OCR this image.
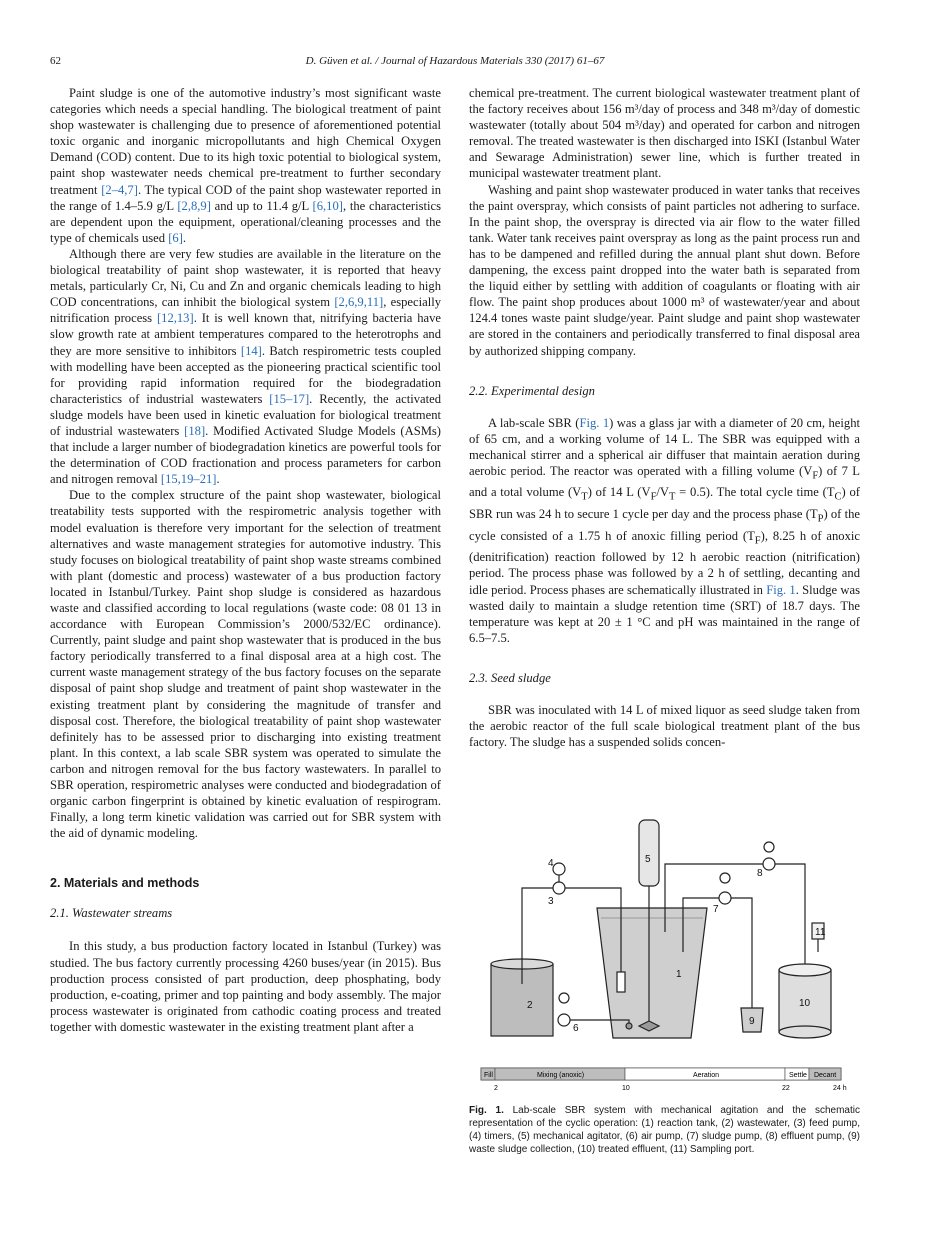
62	D. Güven et al. / Journal of Hazardous Materials 330 (2017) 61–67

Paint sludge is one of the automotive industry’s most significant waste categories which needs a special handling. The biological treatment of paint shop wastewater is challenging due to presence of aforementioned potential toxic organic and inorganic micropollutants and high Chemical Oxygen Demand (COD) content. Due to its high toxic potential to biological system, paint shop wastewater needs chemical pre-treatment to further secondary treatment [2–4,7]. The typical COD of the paint shop wastewater reported in the range of 1.4–5.9 g/L [2,8,9] and up to 11.4 g/L [6,10], the characteristics are dependent upon the equipment, operational/cleaning processes and the type of chemicals used [6].

Although there are very few studies are available in the literature on the biological treatability of paint shop wastewater, it is reported that heavy metals, particularly Cr, Ni, Cu and Zn and organic chemicals leading to high COD concentrations, can inhibit the biological system [2,6,9,11], especially nitrification process [12,13]. It is well known that, nitrifying bacteria have slow growth rate at ambient temperatures compared to the heterotrophs and they are more sensitive to inhibitors [14]. Batch respirometric tests coupled with modelling have been accepted as the pioneering practical scientific tool for providing rapid information required for the biodegradation characteristics of industrial wastewaters [15–17]. Recently, the activated sludge models have been used in kinetic evaluation for biological treatment of industrial wastewaters [18]. Modified Activated Sludge Models (ASMs) that include a larger number of biodegradation kinetics are powerful tools for the determination of COD fractionation and process parameters for carbon and nitrogen removal [15,19–21].

Due to the complex structure of the paint shop wastewater, biological treatability tests supported with the respirometric analysis together with model evaluation is therefore very important for the selection of treatment alternatives and waste management strategies for automotive industry. This study focuses on biological treatability of paint shop waste streams combined with plant (domestic and process) wastewater of a bus production factory located in Istanbul/Turkey. Paint shop sludge is considered as hazardous waste and classified according to local regulations (waste code: 08 01 13 in accordance with European Commission’s 2000/532/EC ordinance). Currently, paint sludge and paint shop wastewater that is produced in the bus factory periodically transferred to a final disposal area at a high cost. The current waste management strategy of the bus factory focuses on the separate disposal of paint shop sludge and treatment of paint shop wastewater in the existing treatment plant by considering the magnitude of transfer and disposal cost. Therefore, the biological treatability of paint shop wastewater definitely has to be assessed prior to discharging into existing treatment plant. In this context, a lab scale SBR system was operated to simulate the carbon and nitrogen removal for the bus factory wastewaters. In parallel to SBR operation, respirometric analyses were conducted and biodegradation of organic carbon fingerprint is obtained by kinetic evaluation of respirogram. Finally, a long term kinetic validation was carried out for SBR system with the aid of dynamic modeling.

2. Materials and methods
2.1. Wastewater streams

In this study, a bus production factory located in Istanbul (Turkey) was studied. The bus factory currently processing 4260 buses/year (in 2015). Bus production process consisted of part production, deep phosphating, body production, e-coating, primer and top painting and body assembly. The major process wastewater is originated from cathodic coating process and treated together with domestic wastewater in the existing treatment plant after a

chemical pre-treatment. The current biological wastewater treatment plant of the factory receives about 156 m³/day of process and 348 m³/day of domestic wastewater (totally about 504 m³/day) and operated for carbon and nitrogen removal. The treated wastewater is then discharged into ISKI (Istanbul Water and Sewarage Administration) sewer line, which is further treated in municipal wastewater treatment plant.

Washing and paint shop wastewater produced in water tanks that receives the paint overspray, which consists of paint particles not adhering to surface. In the paint shop, the overspray is directed via air flow to the water filled tank. Water tank receives paint overspray as long as the paint process run and has to be dampened and refilled during the annual plant shut down. Before dampening, the excess paint dropped into the water bath is separated from the liquid either by settling with addition of coagulants or floating with air flow. The paint shop produces about 1000 m³ of wastewater/year and about 124.4 tones waste paint sludge/year. Paint sludge and paint shop wastewater are stored in the containers and periodically transferred to final disposal area by authorized shipping company.

2.2. Experimental design

A lab-scale SBR (Fig. 1) was a glass jar with a diameter of 20 cm, height of 65 cm, and a working volume of 14 L. The SBR was equipped with a mechanical stirrer and a spherical air diffuser that maintain aeration during aerobic period. The reactor was operated with a filling volume $(V_F)$ of 7 L and a total volume $(V_T)$ of 14 L $(V_F/V_T = 0.5)$. The total cycle time $(T_C)$ of SBR run was 24 h to secure 1 cycle per day and the process phase $(T_P)$ of the cycle consisted of a 1.75 h of anoxic filling period $(T_F)$, 8.25 h of anoxic (denitrification) reaction followed by 12 h aerobic reaction (nitrification) period. The process phase was followed by a 2 h of settling, decanting and idle period. Process phases are schematically illustrated in Fig. 1. Sludge was wasted daily to maintain a sludge retention time (SRT) of 18.7 days. The temperature was kept at 20 ± 1 °C and pH was maintained in the range of 6.5–7.5.

2.3. Seed sludge

SBR was inoculated with 14 L of mixed liquor as seed sludge taken from the aerobic reactor of the full scale biological treatment plant of the bus factory. The sludge has a suspended solids concen-

1
2
3
4	5
6
7
8
9
10
11
Fill	Mixing (anoxic)	Aeration	Settle Decant
2	10	22	24 h
Fig. 1. Lab-scale SBR system with mechanical agitation and the schematic representation of the cyclic operation: (1) reaction tank, (2) wastewater, (3) feed pump, (4) timers, (5) mechanical agitator, (6) air pump, (7) sludge pump, (8) effluent pump, (9) waste sludge collection, (10) treated effluent, (11) Sampling port.
